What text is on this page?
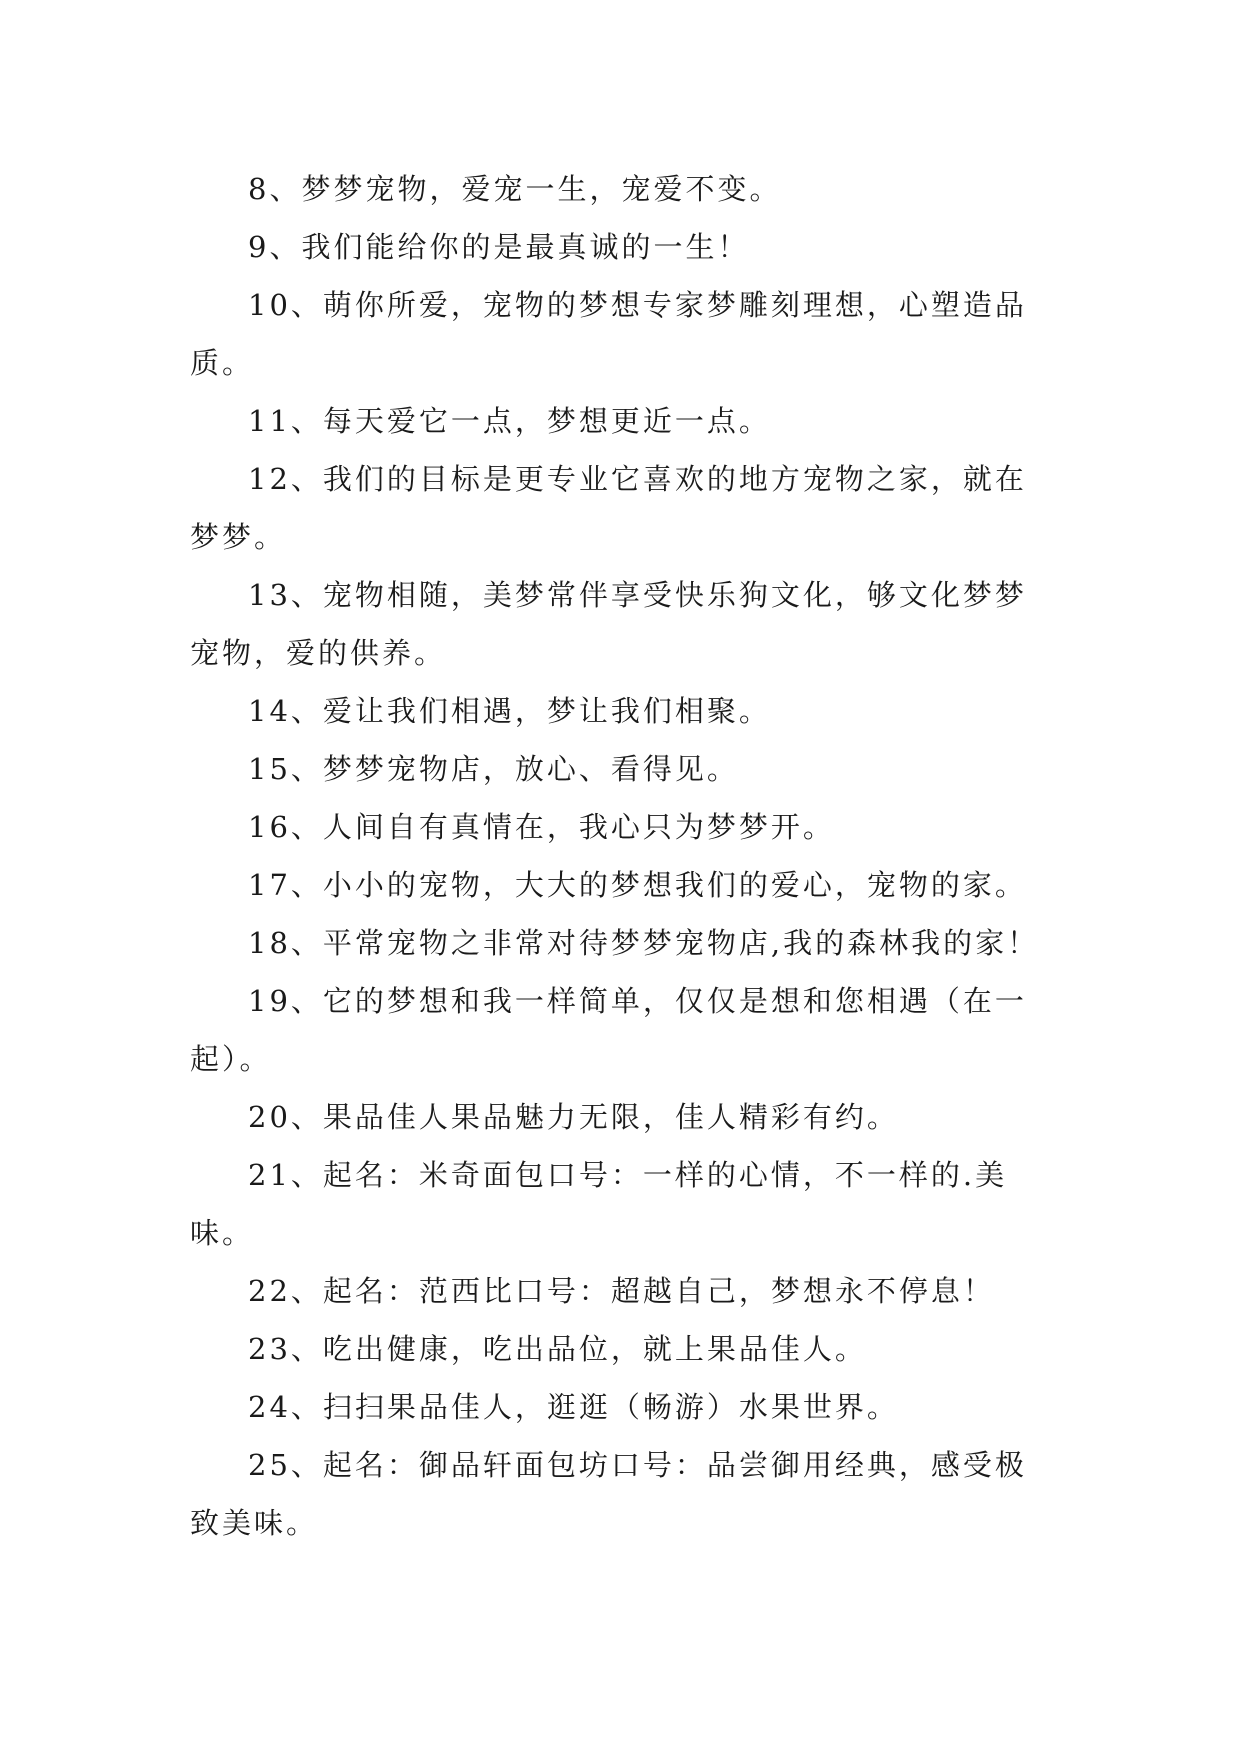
8、梦梦宠物，爱宠一生，宠爱不变。

9、我们能给你的是最真诚的一生！

10、萌你所爱，宠物的梦想专家梦雕刻理想，心塑造品质。

11、每天爱它一点，梦想更近一点。

12、我们的目标是更专业它喜欢的地方宠物之家，就在梦梦。

13、宠物相随，美梦常伴享受快乐狗文化，够文化梦梦宠物，爱的供养。

14、爱让我们相遇，梦让我们相聚。

15、梦梦宠物店，放心、看得见。

16、人间自有真情在，我心只为梦梦开。

17、小小的宠物，大大的梦想我们的爱心，宠物的家。

18、平常宠物之非常对待梦梦宠物店,我的森林我的家！

19、它的梦想和我一样简单，仅仅是想和您相遇（在一起）。

20、果品佳人果品魅力无限，佳人精彩有约。

21、起名：米奇面包口号：一样的心情，不一样的.美味。

22、起名：范西比口号：超越自己，梦想永不停息！

23、吃出健康，吃出品位，就上果品佳人。

24、扫扫果品佳人，逛逛（畅游）水果世界。

25、起名：御品轩面包坊口号：品尝御用经典，感受极致美味。
